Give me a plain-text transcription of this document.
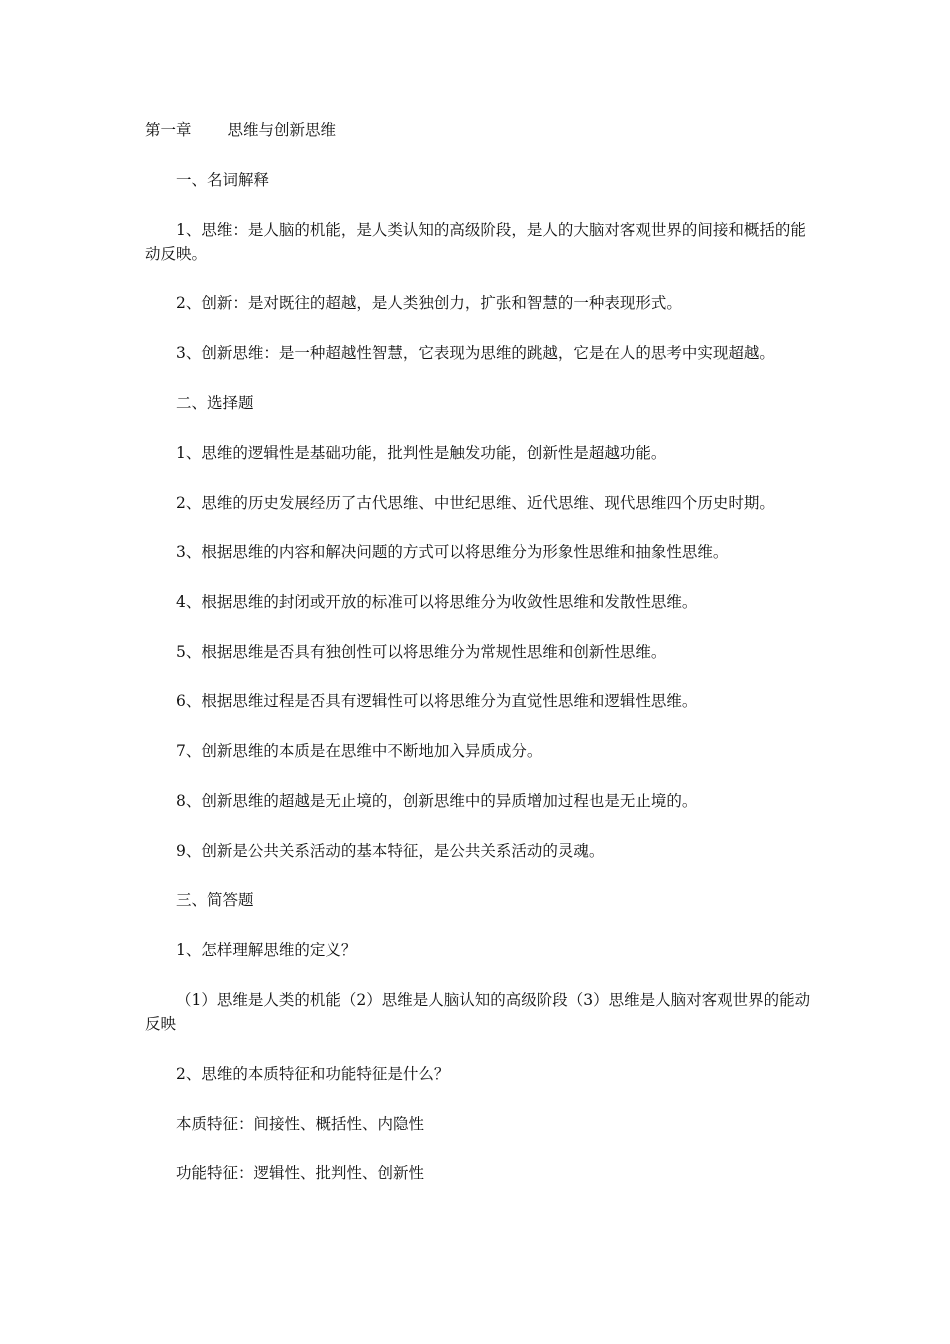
第一章 思维与创新思维
一、名词解释
1、思维：是人脑的机能，是人类认知的高级阶段，是人的大脑对客观世界的间接和概括的能动反映。
2、创新：是对既往的超越，是人类独创力，扩张和智慧的一种表现形式。
3、创新思维：是一种超越性智慧，它表现为思维的跳越，它是在人的思考中实现超越。
二、选择题
1、思维的逻辑性是基础功能，批判性是触发功能，创新性是超越功能。
2、思维的历史发展经历了古代思维、中世纪思维、近代思维、现代思维四个历史时期。
3、根据思维的内容和解决问题的方式可以将思维分为形象性思维和抽象性思维。
4、根据思维的封闭或开放的标准可以将思维分为收敛性思维和发散性思维。
5、根据思维是否具有独创性可以将思维分为常规性思维和创新性思维。
6、根据思维过程是否具有逻辑性可以将思维分为直觉性思维和逻辑性思维。
7、创新思维的本质是在思维中不断地加入异质成分。
8、创新思维的超越是无止境的，创新思维中的异质增加过程也是无止境的。
9、创新是公共关系活动的基本特征，是公共关系活动的灵魂。
三、简答题
1、怎样理解思维的定义？
（1）思维是人类的机能（2）思维是人脑认知的高级阶段（3）思维是人脑对客观世界的能动反映
2、思维的本质特征和功能特征是什么？
本质特征：间接性、概括性、内隐性
功能特征：逻辑性、批判性、创新性
